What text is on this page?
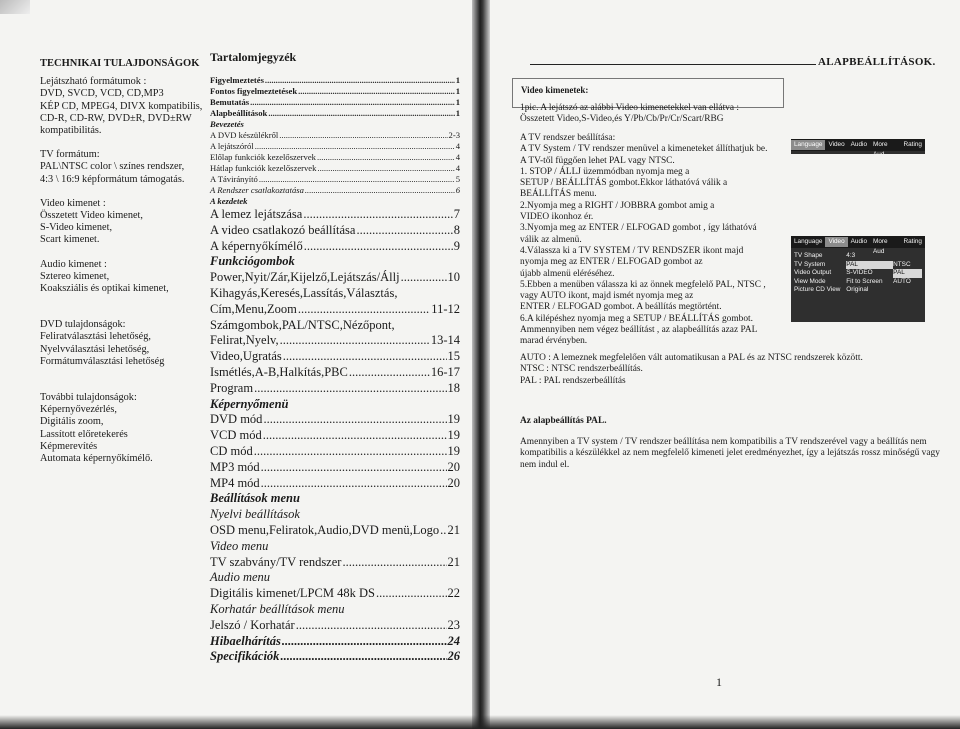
TECHNIKAI TULAJDONSÁGOK
Lejátszható formátumok :
DVD, SVCD, VCD, CD,MP3
KÉP CD, MPEG4, DIVX kompatibilis,
CD-R, CD-RW, DVD±R, DVD±RW
kompatibilitás.
TV formátum:
PAL\NTSC color \ színes rendszer,
4:3 \ 16:9 képformátum támogatás.
Video kimenet :
Összetett Video kimenet,
S-Video kimenet,
Scart kimenet.
Audio kimenet :
Sztereo kimenet,
Koaksziális és optikai kimenet,
DVD tulajdonságok:
Feliratválasztási lehetőség,
Nyelvválasztási lehetőség,
Formátumválasztási lehetőség
További tulajdonságok:
Képernyővezérlés,
Digitális zoom,
Lassított előretekerés
Képmerevítés
Automata képernyőkímélő.
Tartalomjegyzék
Figyelmeztetés .....	1
Fontos figyelmeztetések .....	1
Bemutatás .....	1
Alapbeállítások .....	1
Bevezetés
A DVD készülékről .....	2-3
A lejátszóról .....	4
Előlap funkciók kezelőszervek .....	4
Hátlap funkciók kezelőszervek .....	4
A Távirányító .....	5
A Rendszer csatlakoztatása .....	6
A kezdetek
A lemez lejátszása .....	7
A video csatlakozó beállítása .....	8
A képernyőkímélő .....	9
Funkciógombok
Power,Nyit/Zár,Kijelző,Lejátszás/Állj .....	10
Kihagyás,Keresés,Lassítás,Választás,
Cím,Menu,Zoom .....	11-12
Számgombok,PAL/NTSC,Nézőpont,
Felirat,Nyelv, .....	13-14
Video,Ugratás .....	15
Ismétlés,A-B,Halkítás,PBC .....	16-17
Program .....	18
Képernyőmenü
DVD mód .....	19
VCD mód .....	19
CD mód .....	19
MP3 mód .....	20
MP4 mód .....	20
Beállítások menu
Nyelvi beállítások
OSD menu,Feliratok,Audio,DVD menü,Logo ..... 21
Video menu
TV szabvány/TV rendszer .....	21
Audio menu
Digitális kimenet/LPCM 48k DS .....	22
Korhatár beállítások menu
Jelszó / Korhatár .....	23
Hibaelhárítás .....	24
Specifikációk .....	26
ALAPBEÁLLÍTÁSOK.
Video kimenetek:
1pic. A lejátszó az alábbi Video kimenetekkel van ellátva :
Összetett Video,S-Video,és Y/Pb/Cb/Pr/Cr/Scart/RBG
A TV rendszer beállítása:
A TV System / TV rendszer menüvel a kimeneteket állíthatjuk be.
A TV-től függően lehet PAL vagy NTSC.
1. STOP / ÁLLJ üzemmódban nyomja meg a
SETUP / BEÁLLÍTÁS gombot.Ekkor láthatóvá válik a
BEÁLLÍTÁS menu.
2.Nyomja meg a RIGHT / JOBBRA gombot amig a
VIDEO ikonhoz ér.
3.Nyomja meg az ENTER / ELFOGAD gombot , így láthatóvá
válik az almenü.
4.Válassza ki a TV SYSTEM / TV RENDSZER ikont majd
nyomja meg az ENTER / ELFOGAD gombot az
újabb almenü eléréséhez.
5.Ebben a menüben válassza ki az önnek megfelelő PAL, NTSC ,
vagy AUTO ikont, majd ismét nyomja meg az
ENTER / ELFOGAD gombot. A beállítás megtörtént.
6.A kilépéshez nyomja meg a SETUP / BEÁLLÍTÁS gombot.
Ammennyiben nem végez beállítást , az alapbeállítás azaz PAL
marad érvényben.
AUTO : A lemeznek megfelelően vált automatikusan a PAL és az NTSC rendszerek között.
NTSC : NTSC rendszerbeállítás.
PAL : PAL rendszerbeállítás
Az alapbeállítás PAL.
Amennyiben a TV system / TV rendszer beállítása nem kompatibilis a TV rendszerével vagy a beállítás nem
kompatibilis a készülékkel az nem megfelelő kimeneti jelet eredményezhet, így a lejátszás rossz minőségű vagy
nem indul el.
Language Video Audio More Aud
Rating
Language Video Audio More Aud
Rating
TV Shape	4:3
TV System	PAL	NTSC
Video Output	S-VIDEO	PAL
View Mode	Fit to Screen	AUTO
Picture CD View Original
1
